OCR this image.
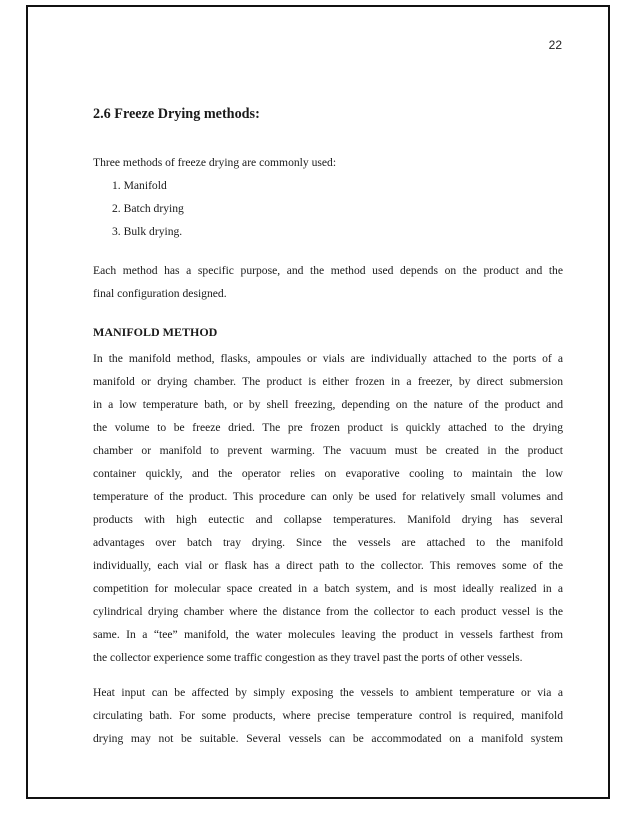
22
2.6 Freeze Drying methods:
Three methods of freeze drying are commonly used:
1. Manifold
2. Batch drying
3. Bulk drying.
Each method has a specific purpose, and the method used depends on the product and the
final configuration designed.
MANIFOLD METHOD
In the manifold method, flasks, ampoules or vials are individually attached to the ports of a
manifold or drying chamber. The product is either frozen in a freezer, by direct submersion
in a low temperature bath, or by shell freezing, depending on the nature of the product and
the volume to be freeze dried. The pre frozen product is quickly attached to the drying
chamber or manifold to prevent warming. The vacuum must be created in the product
container quickly, and the operator relies on evaporative cooling to maintain the low
temperature of the product. This procedure can only be used for relatively small volumes and
products with high eutectic and collapse temperatures. Manifold drying has several
advantages over batch tray drying. Since the vessels are attached to the manifold
individually, each vial or flask has a direct path to the collector. This removes some of the
competition for molecular space created in a batch system, and is most ideally realized in a
cylindrical drying chamber where the distance from the collector to each product vessel is the
same. In a “tee” manifold, the water molecules leaving the product in vessels farthest from
the collector experience some traffic congestion as they travel past the ports of other vessels.
Heat input can be affected by simply exposing the vessels to ambient temperature or via a
circulating bath. For some products, where precise temperature control is required, manifold
drying may not be suitable. Several vessels can be accommodated on a manifold system
